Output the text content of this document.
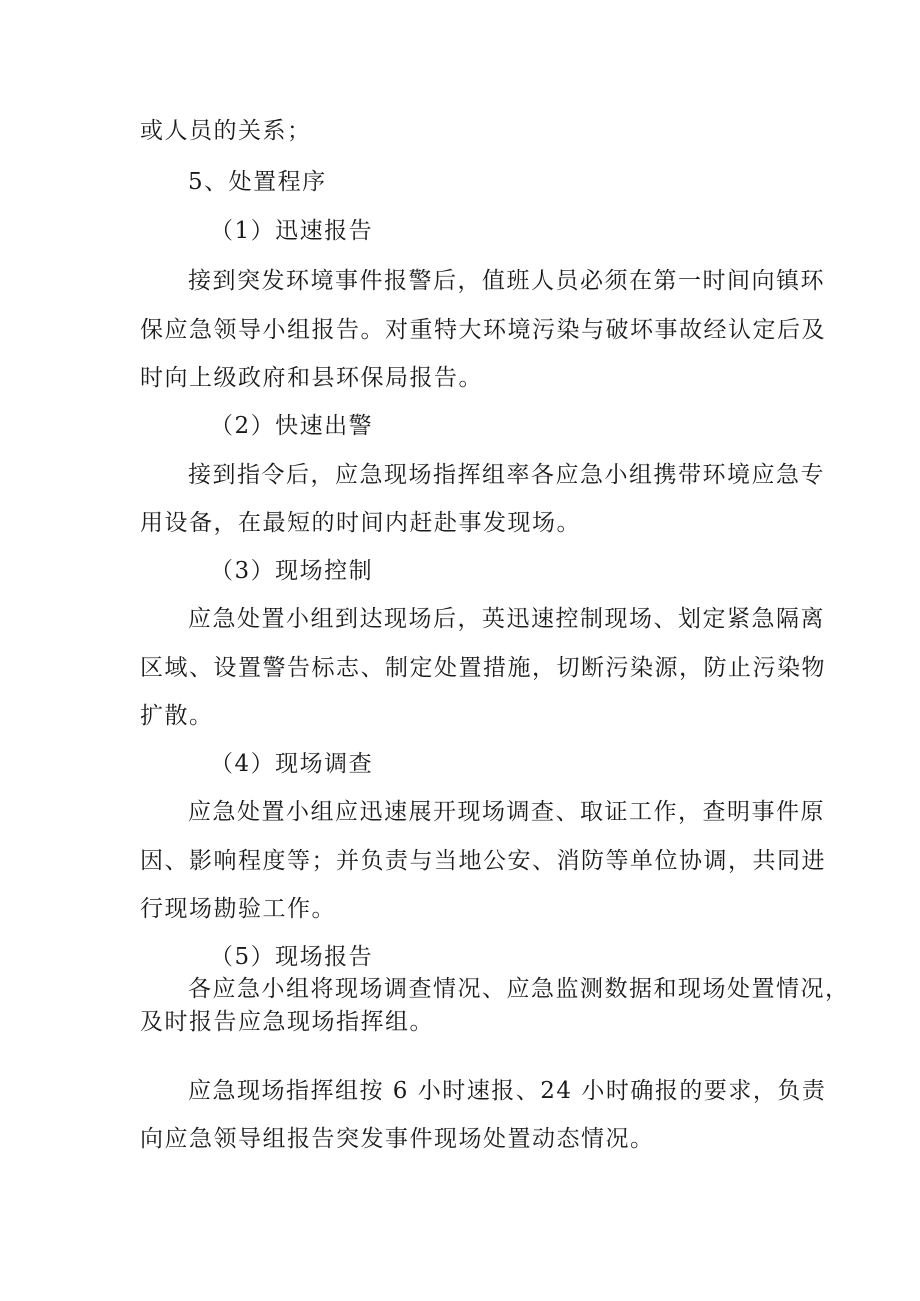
或人员的关系；
5、处置程序
（1）迅速报告
接到突发环境事件报警后，值班人员必须在第一时间向镇环
保应急领导小组报告。对重特大环境污染与破坏事故经认定后及
时向上级政府和县环保局报告。
（2）快速出警
接到指令后，应急现场指挥组率各应急小组携带环境应急专
用设备，在最短的时间内赶赴事发现场。
（3）现场控制
应急处置小组到达现场后，英迅速控制现场、划定紧急隔离
区域、设置警告标志、制定处置措施，切断污染源，防止污染物
扩散。
（4）现场调查
应急处置小组应迅速展开现场调查、取证工作，查明事件原
因、影响程度等；并负责与当地公安、消防等单位协调，共同进
行现场勘验工作。
（5）现场报告
各应急小组将现场调查情况、应急监测数据和现场处置情况，
及时报告应急现场指挥组。
应急现场指挥组按 6 小时速报、24 小时确报的要求，负责
向应急领导组报告突发事件现场处置动态情况。
